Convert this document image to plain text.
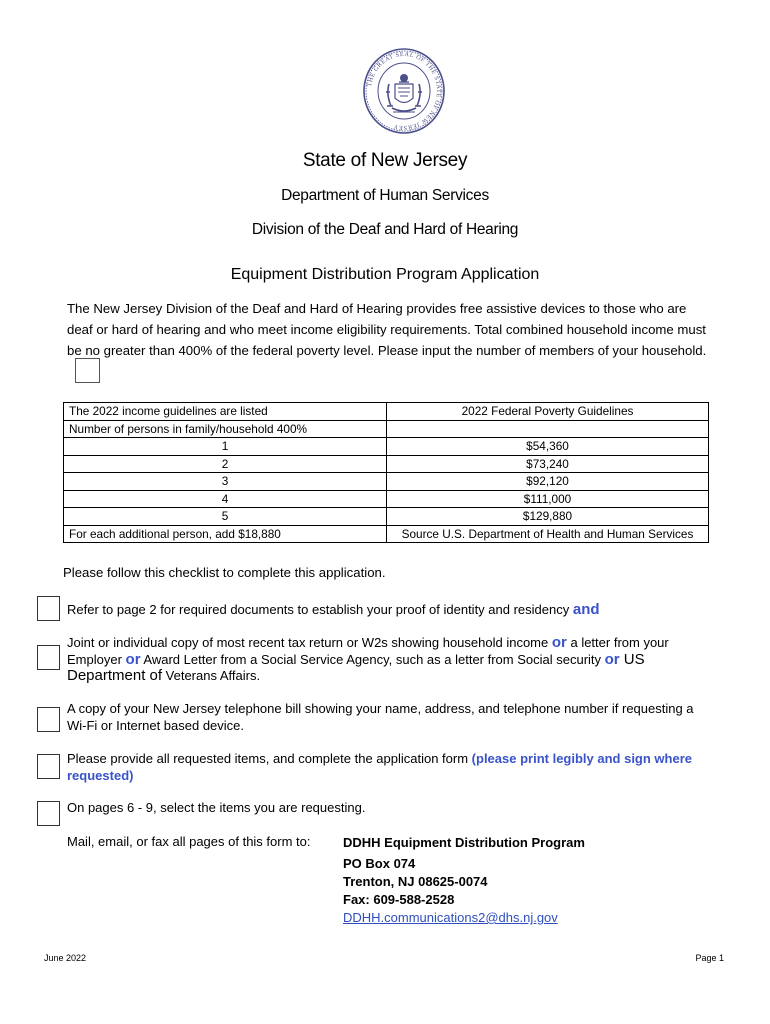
THE GREAT SEAL OF THE STATE OF NEW JERSEY
State of New Jersey
Department of Human Services
Division of the Deaf and Hard of Hearing
Equipment Distribution Program Application
The New Jersey Division of the Deaf and Hard of Hearing provides free assistive devices to those who are deaf or hard of hearing and who meet income eligibility requirements. Total combined household income must be no greater than 400% of the federal poverty level. Please input the number of members of your household.
The 2022 income guidelines are listed	2022 Federal Poverty Guidelines
Number of persons in family/household 400%	
1	$54,360
2	$73,240
3	$92,120
4	$111,000
5	$129,880
For each additional person, add $18,880	Source U.S. Department of Health and Human Services
Please follow this checklist to complete this application.
Refer to page 2 for required documents to establish your proof of identity and residency and
Joint or individual copy of most recent tax return or W2s showing household income or a letter from your Employer or Award Letter from a Social Service Agency, such as a letter from Social security or US Department of Veterans Affairs.
A copy of your New Jersey telephone bill showing your name, address, and telephone number if requesting a Wi-Fi or Internet based device.
Please provide all requested items, and complete the application form (please print legibly and sign where requested)
On pages 6 - 9, select the items you are requesting.
Mail, email, or fax all pages of this form to:	DDHH Equipment Distribution Program
PO Box 074
Trenton, NJ 08625-0074
Fax: 609-588-2528
DDHH.communications2@dhs.nj.gov
June 2022	Page 1
